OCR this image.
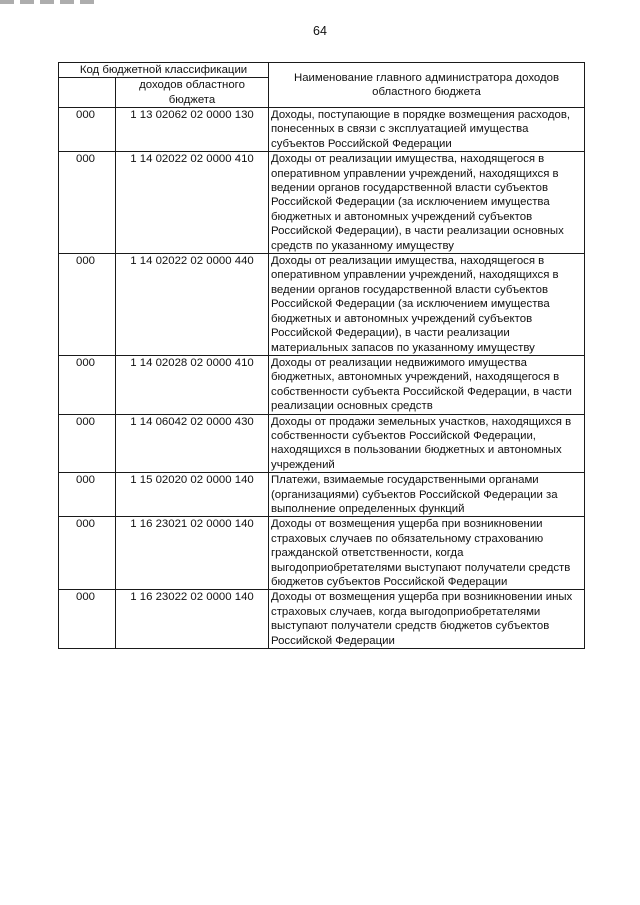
64
Код бюджетной классификации		Наименование главного администратора доходов областного бюджета
	доходов областного бюджета	
000	1 13 02062 02 0000 130	Доходы, поступающие в порядке возмещения расходов, понесенных в связи с эксплуатацией имущества субъектов Российской Федерации
000	1 14 02022 02 0000 410	Доходы от реализации имущества, находящегося в оперативном управлении учреждений, находящихся в ведении органов государственной власти субъектов Российской Федерации (за исключением имущества бюджетных и автономных учреждений субъектов Российской Федерации), в части реализации основных средств по указанному имуществу
000	1 14 02022 02 0000 440	Доходы от реализации имущества, находящегося в оперативном управлении учреждений, находящихся в ведении органов государственной власти субъектов Российской Федерации (за исключением имущества бюджетных и автономных учреждений субъектов Российской Федерации), в части реализации материальных запасов по указанному имуществу
000	1 14 02028 02 0000 410	Доходы от реализации недвижимого имущества бюджетных, автономных учреждений, находящегося в собственности субъекта Российской Федерации, в части реализации основных средств
000	1 14 06042 02 0000 430	Доходы от продажи земельных участков, находящихся в собственности субъектов Российской Федерации, находящихся в пользовании бюджетных и автономных учреждений
000	1 15 02020 02 0000 140	Платежи, взимаемые государственными органами (организациями) субъектов Российской Федерации за выполнение определенных функций
000	1 16 23021 02 0000 140	Доходы от возмещения ущерба при возникновении страховых случаев по обязательному страхованию гражданской ответственности, когда выгодоприобретателями выступают получатели средств бюджетов субъектов Российской Федерации
000	1 16 23022 02 0000 140	Доходы от возмещения ущерба при возникновении иных страховых случаев, когда выгодоприобретателями выступают получатели средств бюджетов субъектов Российской Федерации
